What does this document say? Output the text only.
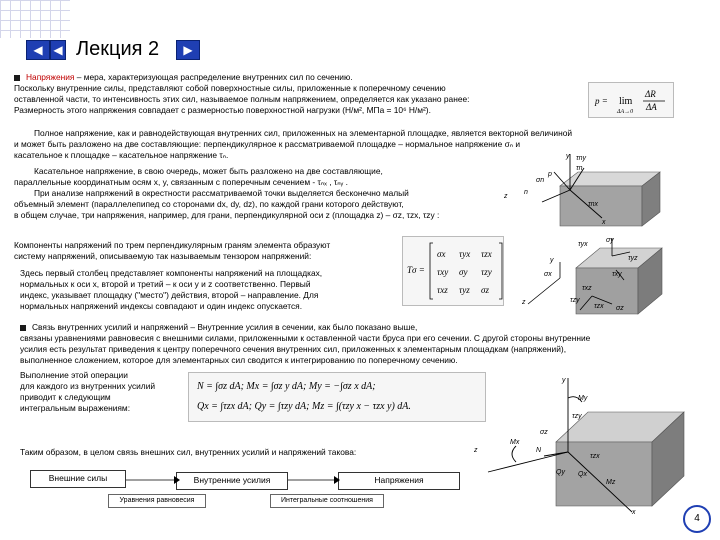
◀ ◀	▶
Лекция 2
Напряжения – мера, характеризующая распределение внутренних сил по сечению.
Поскольку внутренние силы, представляют собой поверхностные силы, приложенные к поперечному сечению
оставленной части, то интенсивность этих сил, называемое полным напряжением, определяется как указано ранее:
Размерность этого напряжения совпадает с размерностью поверхностной нагрузки (Н/м², МПа = 10⁶ Н/м²).
p = lim
ΔA→0
ΔR
ΔA
Полное напряжение, как и равнодействующая внутренних сил, приложенных на элементарной площадке, является векторной величиной
и может быть разложено на две составляющие: перпендикулярное к рассматриваемой площадке – нормальное напряжение σₙ и
касательное к площадке – касательное напряжение τₙ.
Касательное напряжение, в свою очередь, может быть разложено на две составляющие,
параллельные координатным осям x, y, связанным с поперечным сечением - τₙₓ , τₙᵧ .
При анализе напряжений в окрестности рассматриваемой точки выделяется бесконечно малый
объемный элемент (параллелепипед со сторонами dx, dy, dz), по каждой грани которого действуют,
в общем случае, три напряжения, например, для грани, перпендикулярной оси z (площадка z) – σz, τzx, τzy :
y
z
x
p
n
σn
τn
τny
τnx
Компоненты напряжений по трем перпендикулярным граням элемента образуют
систему напряжений, описываемую так называемым тензором напряжений:
Здесь первый столбец представляет компоненты напряжений на площадках,
нормальных к оси x, второй и третий – к оси y и z соответственно. Первый
индекс, указывает площадку ("место") действия, второй – направление. Для
нормальных напряжений индексы совпадают и один индекс опускается.
Tσ =
σx τyx τzx
τxy σy τzy
τxz τyz σz
y
z
σx
σy
τyx
τyz
τxy
τxz
τzy
τzx σz
Связь внутренних усилий и напряжений – Внутренние усилия в сечении, как было показано выше,
связаны уравнениями равновесия с внешними силами, приложенными к оставленной части бруса при его сечении. С другой стороны внутренние
усилия есть результат приведения к центру поперечного сечения внутренних сил, приложенных к элементарным площадкам (напряжений),
выполненное сложением, которое для элементарных сил сводится к интегрированию по поперечному сечению.
Выполнение этой операции
для каждого из внутренних усилий
приводит к следующим
интегральным выражениям:
N = ∫σz dA; Mx = ∫σz y dA; My = −∫σz x dA;
Qx = ∫τzx dA; Qy = ∫τzy dA; Mz = ∫(τzy x − τzx y) dA.
Таким образом, в целом связь внешних сил, внутренних усилий и напряжений такова:
Внешние силы	Внутренние усилия	Напряжения
Уравнения равновесия	Интегральные соотношения
y
z
x
My
τzy
σz
Mx
N
τzx
Qy Qx
Mz
4
